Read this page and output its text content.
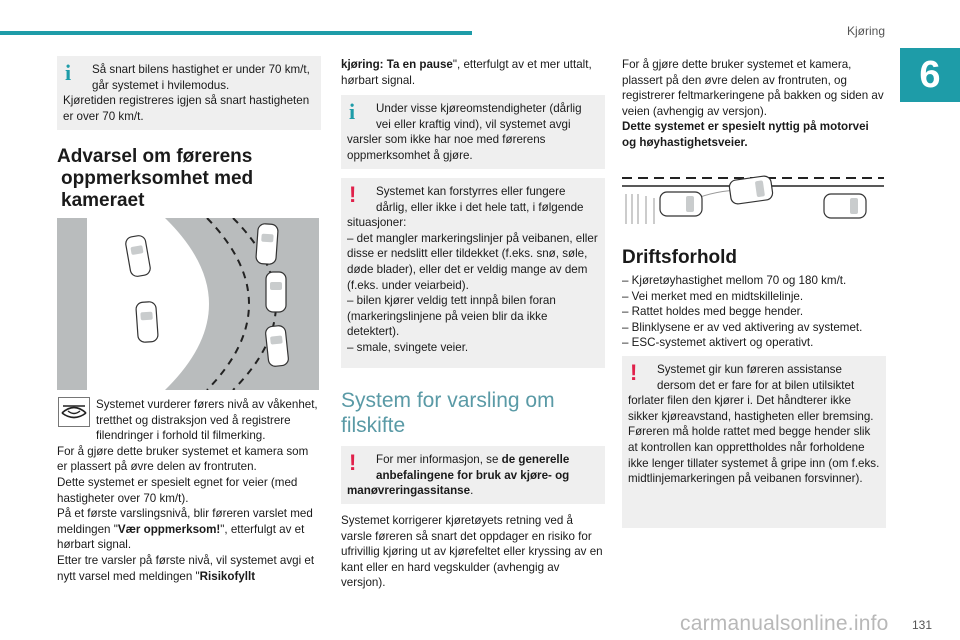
Kjøring
6
i	Så snart bilens hastighet er under 70 km/t, går systemet i hvilemodus.
Kjøretiden registreres igjen så snart hastigheten er over 70 km/t.
Advarsel om førerens
oppmerksomhet med
kameraet
Systemet vurderer førers nivå av våkenhet, tretthet og distraksjon ved å registrere filendringer i forhold til filmerking.
For å gjøre dette bruker systemet et kamera som er plassert på øvre delen av frontruten.
Dette systemet er spesielt egnet for veier (med hastigheter over 70 km/t).
På et første varslingsnivå, blir føreren varslet med meldingen "Vær oppmerksom!", etterfulgt av et hørbart signal.
Etter tre varsler på første nivå, vil systemet avgi et nytt varsel med meldingen "Risikofyllt
kjøring: Ta en pause", etterfulgt av et mer uttalt, hørbart signal.
i	Under visse kjøreomstendigheter (dårlig vei eller kraftig vind), vil systemet avgi
varsler som ikke har noe med førerens oppmerksomhet å gjøre.
!	Systemet kan forstyrres eller fungere dårlig, eller ikke i det hele tatt, i følgende
situasjoner:
– det mangler markeringslinjer på veibanen, eller disse er nedslitt eller tildekket (f.eks. snø, søle, døde blader), eller det er veldig mange av dem (f.eks. under veiarbeid).
– bilen kjører veldig tett innpå bilen foran (markeringslinjene på veien blir da ikke detektert).
– smale, svingete veier.
System for varsling om
filskifte
!	For mer informasjon, se de generelle anbefalingene for bruk av kjøre- og
manøvreringassitanse.
Systemet korrigerer kjøretøyets retning ved å varsle føreren så snart det oppdager en risiko for ufrivillig kjøring ut av kjørefeltet eller kryssing av en kant eller en hard vegskulder (avhengig av versjon).
For å gjøre dette bruker systemet et kamera, plassert på den øvre delen av frontruten, og registrerer feltmarkeringene på bakken og siden av veien (avhengig av versjon).
Dette systemet er spesielt nyttig på motorvei og høyhastighetsveier.
Driftsforhold
– Kjøretøyhastighet mellom 70 og 180 km/t.
– Vei merket med en midtskillelinje.
– Rattet holdes med begge hender.
– Blinklysene er av ved aktivering av systemet.
– ESC-systemet aktivert og operativt.
!	Systemet gir kun føreren assistanse dersom det er fare for at bilen utilsiktet
forlater filen den kjører i. Det håndterer ikke sikker kjøreavstand, hastigheten eller bremsing.
Føreren må holde rattet med begge hender slik at kontrollen kan opprettholdes når forholdene ikke lenger tillater systemet å gripe inn (om f.eks. midtlinjemarkeringen på veibanen forsvinner).
carmanualsonline.info 131
